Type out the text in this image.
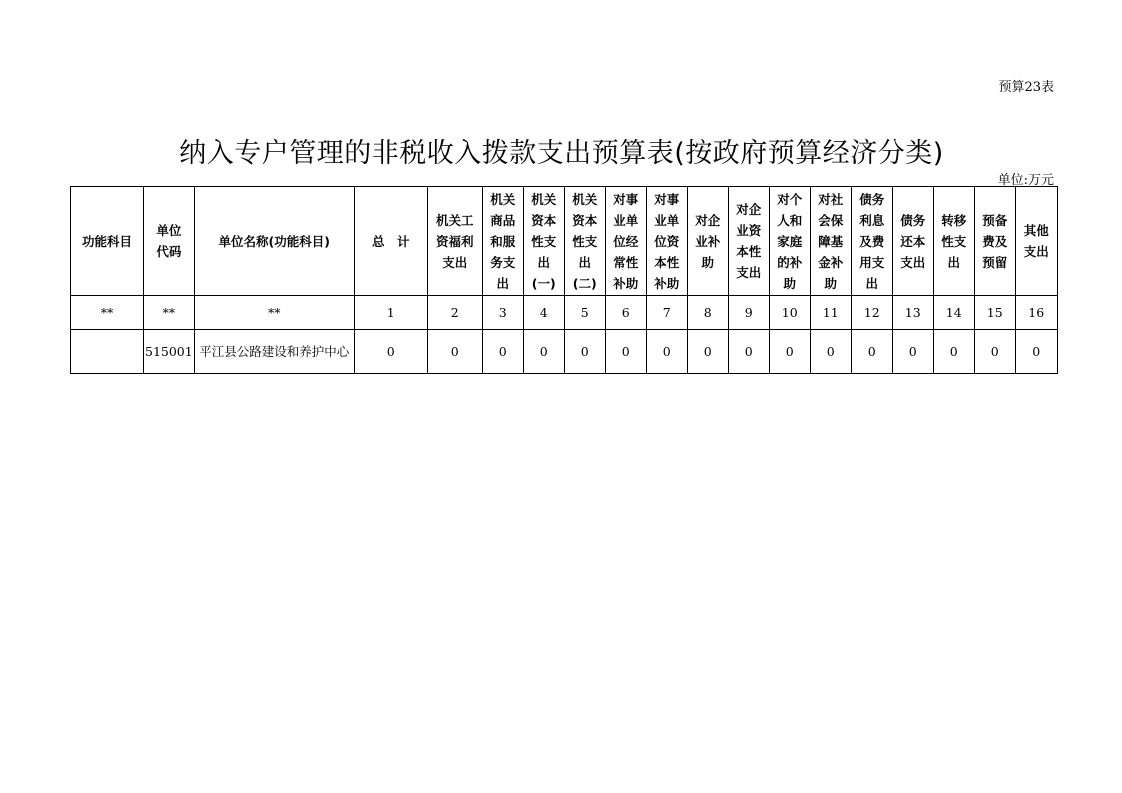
预算23表
纳入专户管理的非税收入拨款支出预算表(按政府预算经济分类)
单位:万元
功能科目	单位
代码	单位名称(功能科目)	总　计	机关工
资福利
支出	机关
商品
和服
务支
出	机关
资本
性支
出
(一)	机关
资本
性支
出
(二)	对事
业单
位经
常性
补助	对事
业单
位资
本性
补助	对企
业补
助	对企
业资
本性
支出	对个
人和
家庭
的补
助	对社
会保
障基
金补
助	债务
利息
及费
用支
出	债务
还本
支出	转移
性支
出	预备
费及
预留	其他
支出
**	**	**	1	2	3	4	5	6	7	8	9	10	11	12	13	14	15	16
	515001	平江县公路建设和养护中心	0	0	0	0	0	0	0	0	0	0	0	0	0	0	0	0
